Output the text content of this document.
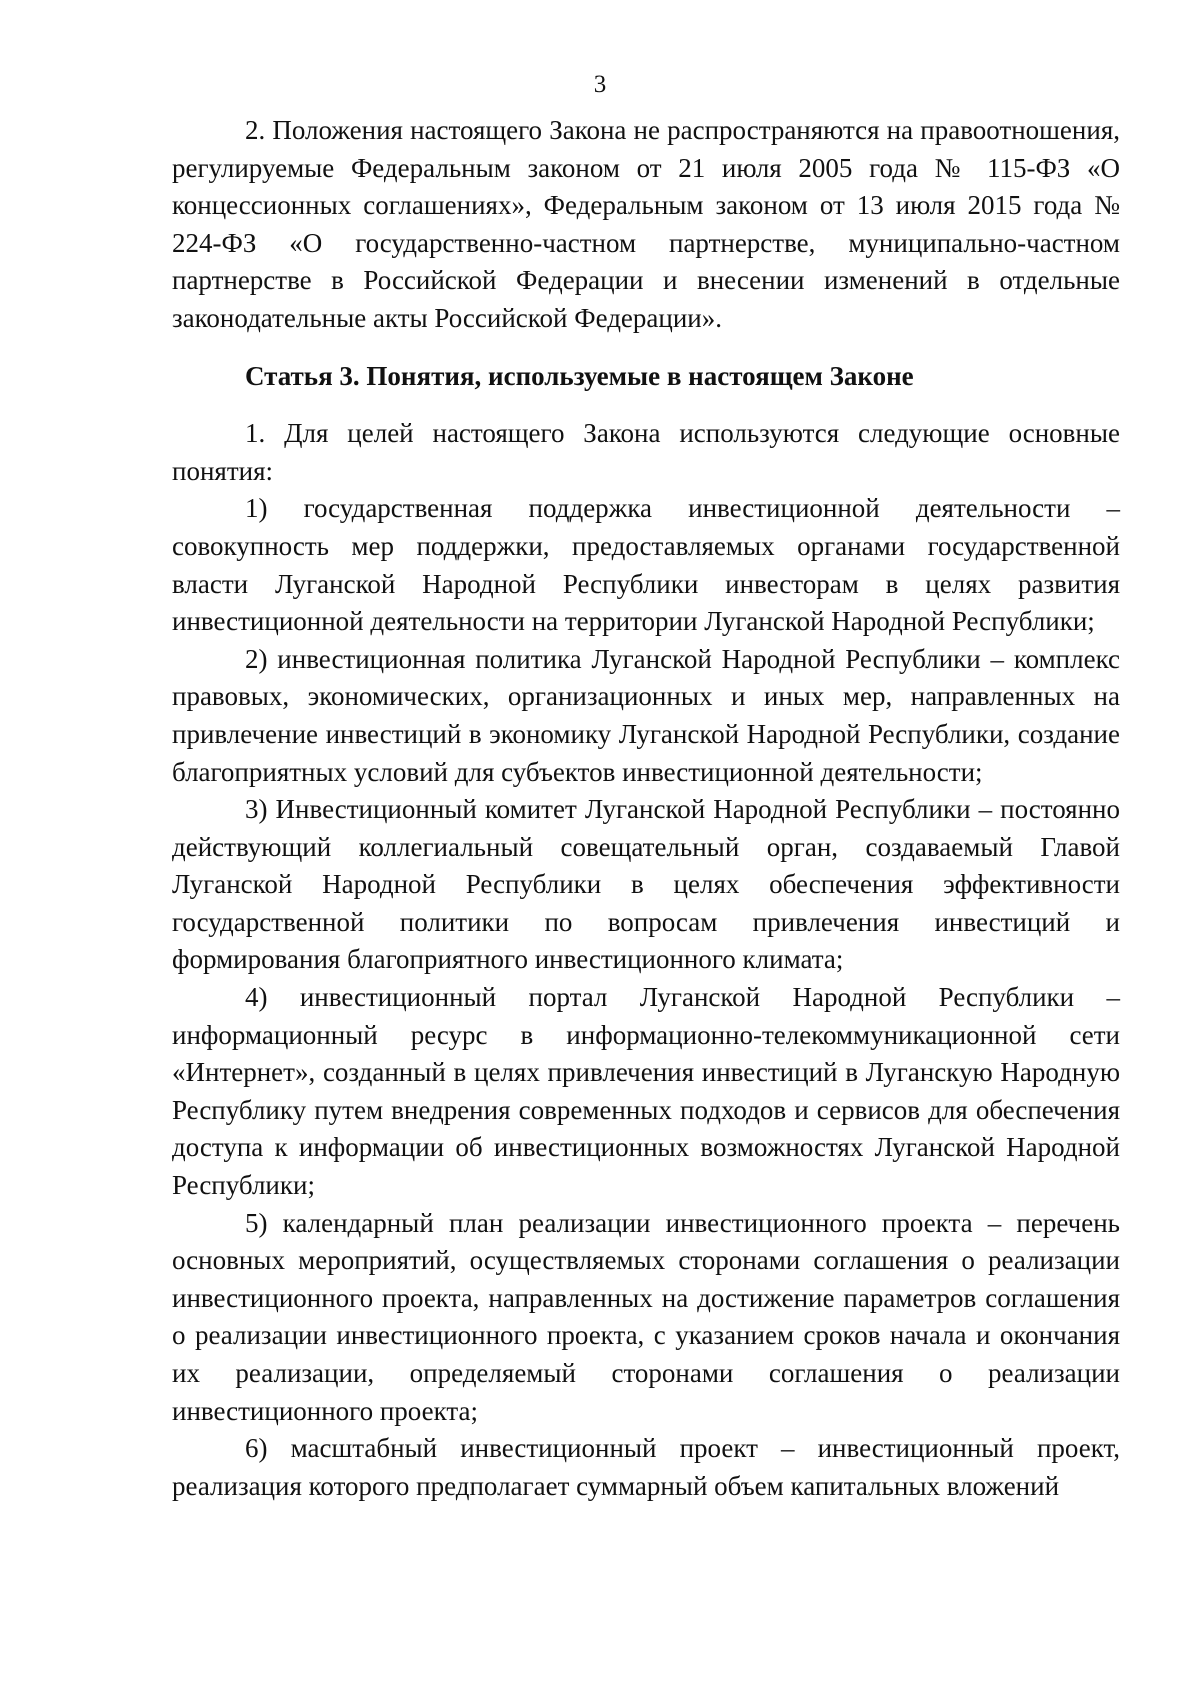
3

2. Положения настоящего Закона не распространяются на правоотношения, регулируемые Федеральным законом от 21 июля 2005 года № 115-ФЗ «О концессионных соглашениях», Федеральным законом от 13 июля 2015 года № 224-ФЗ «О государственно-частном партнерстве, муниципально-частном партнерстве в Российской Федерации и внесении изменений в отдельные законодательные акты Российской Федерации».

Статья 3. Понятия, используемые в настоящем Законе

1. Для целей настоящего Закона используются следующие основные понятия:

1) государственная поддержка инвестиционной деятельности – совокупность мер поддержки, предоставляемых органами государственной власти Луганской Народной Республики инвесторам в целях развития инвестиционной деятельности на территории Луганской Народной Республики;

2) инвестиционная политика Луганской Народной Республики – комплекс правовых, экономических, организационных и иных мер, направленных на привлечение инвестиций в экономику Луганской Народной Республики, создание благоприятных условий для субъектов инвестиционной деятельности;

3) Инвестиционный комитет Луганской Народной Республики – постоянно действующий коллегиальный совещательный орган, создаваемый Главой Луганской Народной Республики в целях обеспечения эффективности государственной политики по вопросам привлечения инвестиций и формирования благоприятного инвестиционного климата;

4) инвестиционный портал Луганской Народной Республики – информационный ресурс в информационно-телекоммуникационной сети «Интернет», созданный в целях привлечения инвестиций в Луганскую Народную Республику путем внедрения современных подходов и сервисов для обеспечения доступа к информации об инвестиционных возможностях Луганской Народной Республики;

5) календарный план реализации инвестиционного проекта – перечень основных мероприятий, осуществляемых сторонами соглашения о реализации инвестиционного проекта, направленных на достижение параметров соглашения о реализации инвестиционного проекта, с указанием сроков начала и окончания их реализации, определяемый сторонами соглашения о реализации инвестиционного проекта;

6) масштабный инвестиционный проект – инвестиционный проект, реализация которого предполагает суммарный объем капитальных вложений
